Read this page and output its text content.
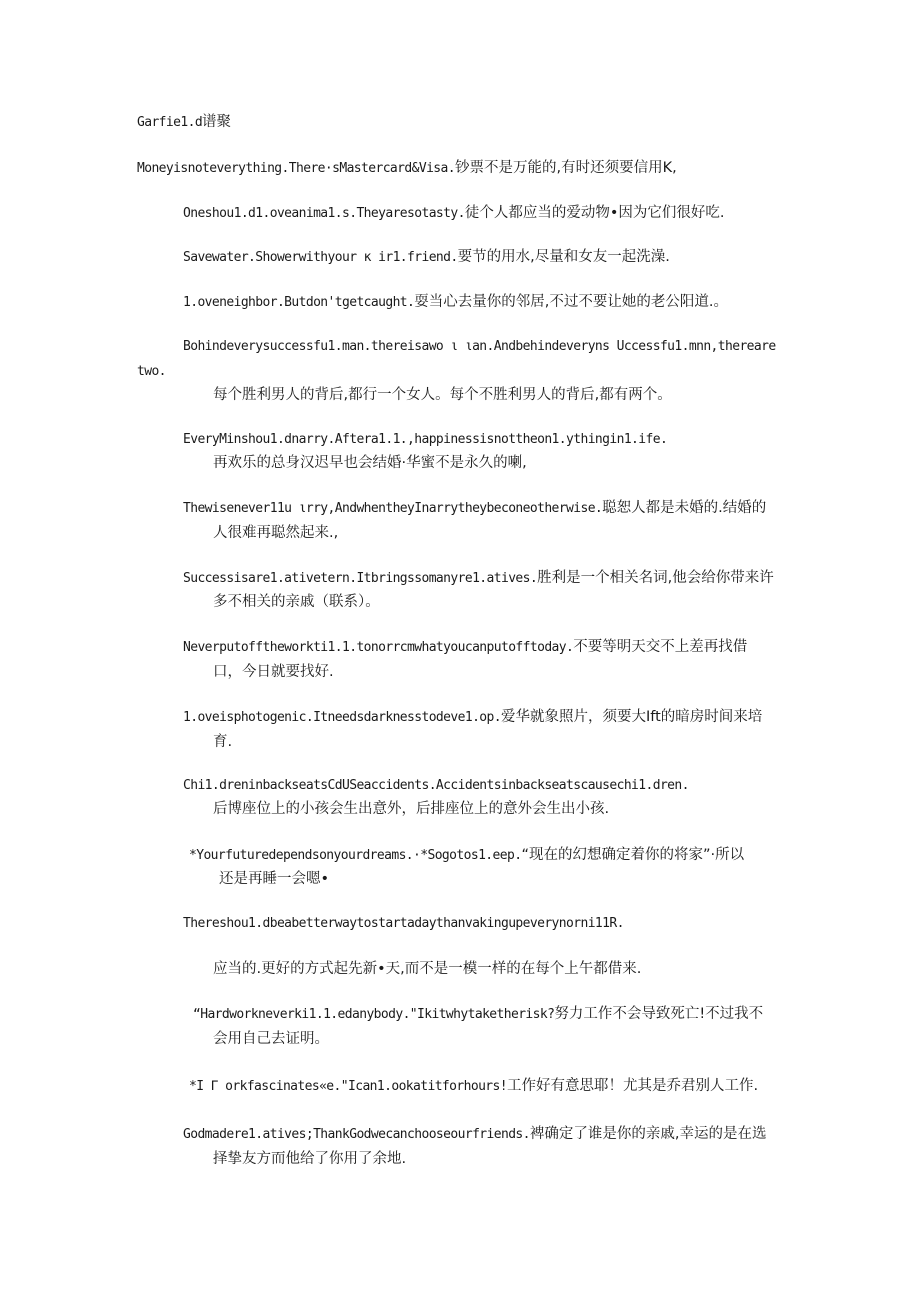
Garfie1.d谱聚
Moneyisnoteverything.There·sMastercard&Visa.钞票不是万能的,有时还须要信用K,
Oneshou1.d1.oveanima1.s.Theyaresotasty.徒个人都应当的爱动物•因为它们很好吃.
Savewater.Showerwithyour ĸ ir1.friend.要节的用水,尽量和女友一起洗澡.
1.oveneighbor.Butdon'tgetcaught.耍当心去量你的邻居,不过不要让她的老公阳道.。
Bohindeverysuccessfu1.man.thereisawo ι ιan.Andbehindeveryns Uccessfu1.mnn,thereare
two.
每个胜利男人的背后,都行一个女人。每个不胜利男人的背后,都有两个。
EveryMinshou1.dnarry.Aftera1.1.,happinessisnottheon1.ythingin1.ife.
再欢乐的总身汉迟早也会结婚·华蜜不是永久的喇,
Thewisenever11u ιrry,AndwhentheyInarrytheybeconeotherwise.聪恕人都是未婚的.结婚的
人很难再聪然起来.,
Successisare1.ativetern.Itbringssomanyre1.atives.胜利是一个相关名词,他会给你带来许
多不相关的亲戚（联系）。
Neverputofftheworkti1.1.tonorrcmwhatyoucanputofftoday.不要等明天交不上差再找借
口，今日就要找好.
1.oveisphotogenic.Itneedsdarknesstodeve1.op.爱华就象照片，须要大Ift的暗房时间来培
育.
Chi1.dreninbackseatsCdUSeaccidents.Accidentsinbackseatscausechi1.dren.
后博座位上的小孩会生出意外，后排座位上的意外会生出小孩.
*Yourfuturedependsonyourdreams.·*Sogotos1.eep.“现在的幻想确定着你的将家”·所以
还是再睡一会嗯•
Thereshou1.dbeabetterwaytostartadaythanvakingupeverynorni11R.
应当的.更好的方式起先新•天,而不是一模一样的在每个上午都借来.
“Hardworkneverki1.1.edanybody."Ikitwhytaketherisk?努力工作不会导致死亡!不过我不
会用自己去证明。
*I Γ orkfascinates«e."Ican1.ookatitforhours!工作好有意思耶！尤其是乔君别人工作.
Godmadere1.atives;ThankGodwecanchooseourfriends.裨确定了谁是你的亲戚,幸运的是在选
择挚友方而他给了你用了余地.
